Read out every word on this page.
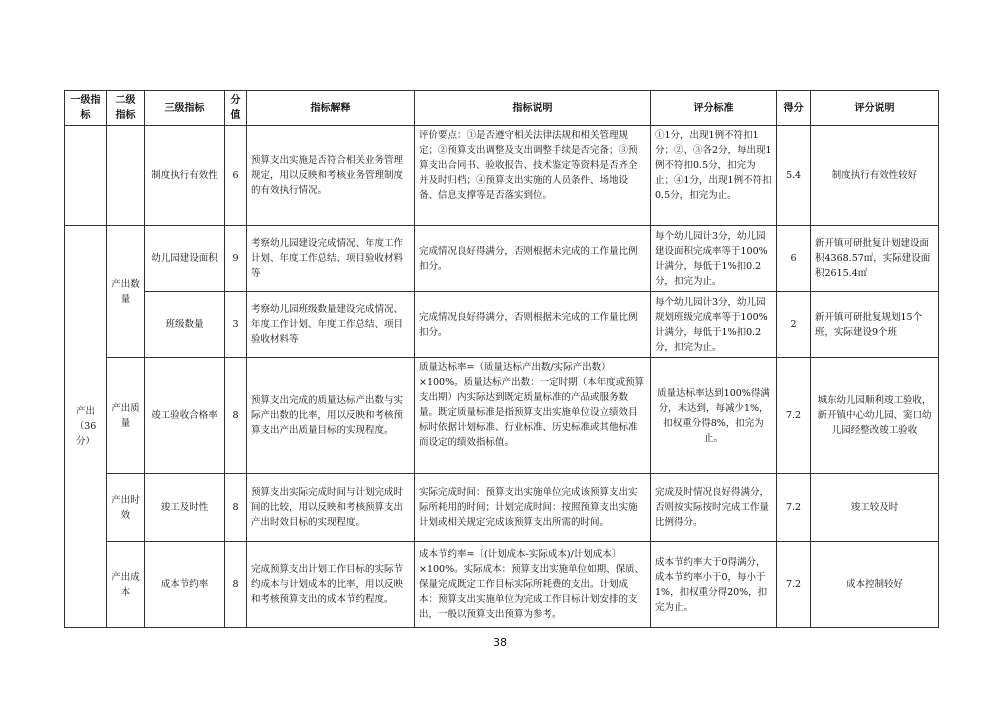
一级指标	二级指标	三级指标	分值	指标解释	指标说明	评分标准	得分	评分说明
		制度执行有效性	6	预算支出实施是否符合相关业务管理规定，用以反映和考核业务管理制度的有效执行情况。	评价要点：①是否遵守相关法律法规和相关管理规定；②预算支出调整及支出调整手续是否完备；③预算支出合同书、验收报告、技术鉴定等资料是否齐全并及时归档；④预算支出实施的人员条件、场地设备、信息支撑等是否落实到位。	①1分，出现1例不符扣1分；②、③各2分，每出现1例不符扣0.5分，扣完为止；④1分，出现1例不符扣0.5分，扣完为止。	5.4	制度执行有效性较好
产出（36分）	产出数量	幼儿园建设面积	9	考察幼儿园建设完成情况、年度工作计划、年度工作总结、项目验收材料等	完成情况良好得满分，否则根据未完成的工作量比例扣分。	每个幼儿园计3分，幼儿园建设面积完成率等于100%计满分，每低于1%扣0.2分，扣完为止。	6	新开镇可研批复计划建设面积4368.57㎡，实际建设面积2615.4㎡
		班级数量	3	考察幼儿园班级数量建设完成情况、年度工作计划、年度工作总结、项目验收材料等	完成情况良好得满分，否则根据未完成的工作量比例扣分。	每个幼儿园计3分，幼儿园规划班级完成率等于100%计满分，每低于1%扣0.2分，扣完为止。	2	新开镇可研批复规划15个班，实际建设9个班
	产出质量	竣工验收合格率	8	预算支出完成的质量达标产出数与实际产出数的比率，用以反映和考核预算支出产出质量目标的实现程度。	质量达标率=（质量达标产出数/实际产出数）×100%。质量达标产出数：一定时期（本年度或预算支出期）内实际达到既定质量标准的产品或服务数量。既定质量标准是指预算支出实施单位设立绩效目标时依据计划标准、行业标准、历史标准或其他标准而设定的绩效指标值。	质量达标率达到100%得满分，未达到，每减少1%，扣权重分得8%，扣完为止。	7.2	城东幼儿园顺利竣工验收，新开镇中心幼儿园、窦口幼儿园经整改竣工验收
	产出时效	竣工及时性	8	预算支出实际完成时间与计划完成时间的比较，用以反映和考核预算支出产出时效目标的实现程度。	实际完成时间：预算支出实施单位完成该预算支出实际所耗用的时间；计划完成时间：按照预算支出实施计划或相关规定完成该预算支出所需的时间。	完成及时情况良好得满分，否则按实际按时完成工作量比例得分。	7.2	竣工较及时
	产出成本	成本节约率	8	完成预算支出计划工作目标的实际节约成本与计划成本的比率，用以反映和考核预算支出的成本节约程度。	成本节约率=〔(计划成本-实际成本)/计划成本〕×100%。实际成本：预算支出实施单位如期、保质、保量完成既定工作目标实际所耗费的支出。计划成本：预算支出实施单位为完成工作目标计划安排的支出，一般以预算支出预算为参考。	成本节约率大于0得满分，成本节约率小于0，每小于1%，扣权重分得20%，扣完为止。	7.2	成本控制较好
38
